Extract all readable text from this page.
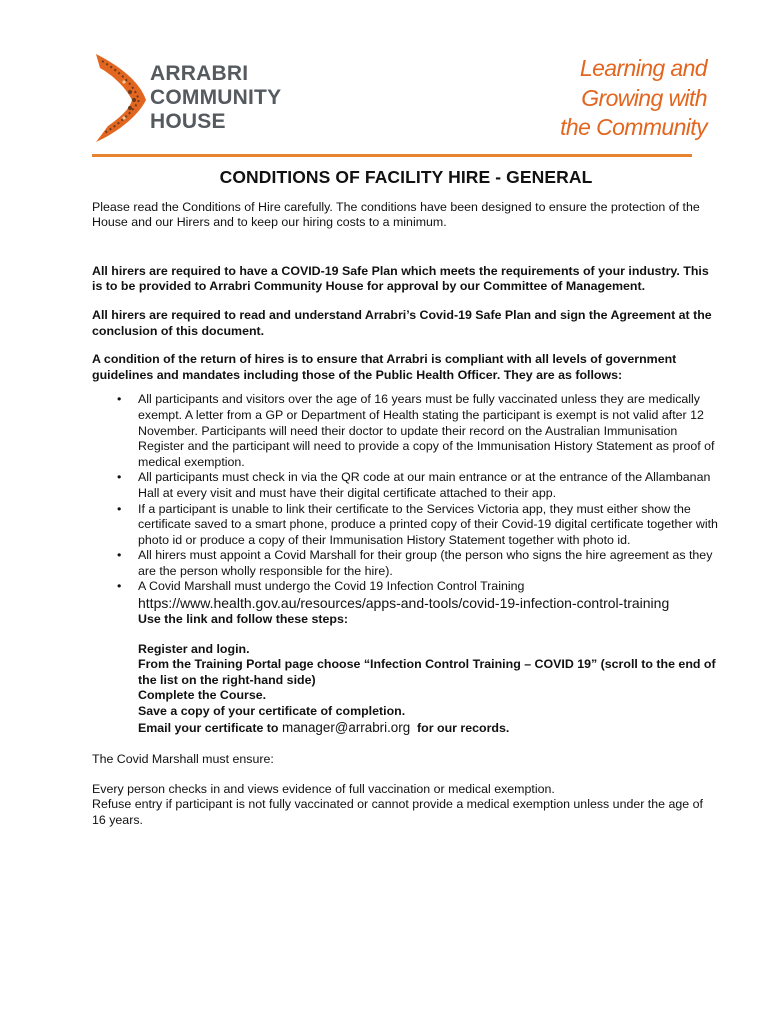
ARRABRI
COMMUNITY
HOUSE
Learning and
Growing with
the Community
CONDITIONS OF FACILITY HIRE - GENERAL

Please read the Conditions of Hire carefully. The conditions have been designed to ensure the protection of the House and our Hirers and to keep our hiring costs to a minimum.

All hirers are required to have a COVID-19 Safe Plan which meets the requirements of your industry. This is to be provided to Arrabri Community House for approval by our Committee of Management.

All hirers are required to read and understand Arrabri’s Covid-19 Safe Plan and sign the Agreement at the conclusion of this document.

A condition of the return of hires is to ensure that Arrabri is compliant with all levels of government guidelines and mandates including those of the Public Health Officer. They are as follows:

• All participants and visitors over the age of 16 years must be fully vaccinated unless they are medically exempt. A letter from a GP or Department of Health stating the participant is exempt is not valid after 12 November. Participants will need their doctor to update their record on the Australian Immunisation Register and the participant will need to provide a copy of the Immunisation History Statement as proof of medical exemption.
• All participants must check in via the QR code at our main entrance or at the entrance of the Allambanan Hall at every visit and must have their digital certificate attached to their app.
• If a participant is unable to link their certificate to the Services Victoria app, they must either show the certificate saved to a smart phone, produce a printed copy of their Covid-19 digital certificate together with photo id or produce a copy of their Immunisation History Statement together with photo id.
• All hirers must appoint a Covid Marshall for their group (the person who signs the hire agreement as they are the person wholly responsible for the hire).
• A Covid Marshall must undergo the Covid 19 Infection Control Training
https://www.health.gov.au/resources/apps-and-tools/covid-19-infection-control-training
Use the link and follow these steps:
Register and login.
From the Training Portal page choose “Infection Control Training – COVID 19” (scroll to the end of the list on the right-hand side)
Complete the Course.
Save a copy of your certificate of completion.
Email your certificate to manager@arrabri.org for our records.

The Covid Marshall must ensure:

Every person checks in and views evidence of full vaccination or medical exemption.

Refuse entry if participant is not fully vaccinated or cannot provide a medical exemption unless under the age of 16 years.
